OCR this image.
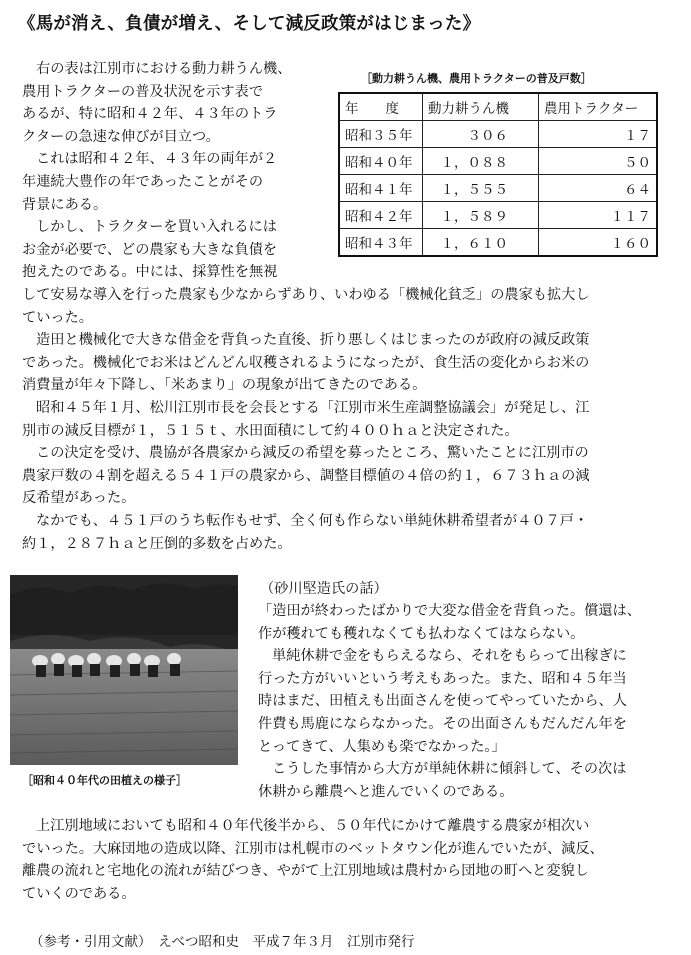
《馬が消え、負債が増え、そして減反政策がはじまった》
右の表は江別市における動力耕うん機、
農用トラクターの普及状況を示す表で
あるが、特に昭和４２年、４３年のトラ
クターの急速な伸びが目立つ。
これは昭和４２年、４３年の両年が２
年連続大豊作の年であったことがその
背景にある。
しかし、トラクターを買い入れるには
お金が必要で、どの農家も大きな負債を
抱えたのである。中には、採算性を無視
［動力耕うん機、農用トラクターの普及戸数］
年　　度	動力耕うん機	農用トラクター
昭和３５年	３０６	１７
昭和４０年	１，０８８	５０
昭和４１年	１，５５５	６４
昭和４２年	１，５８９	１１７
昭和４３年	１，６１０	１６０
して安易な導入を行った農家も少なからずあり、いわゆる「機械化貧乏」の農家も拡大し
ていった。
造田と機械化で大きな借金を背負った直後、折り悪しくはじまったのが政府の減反政策
であった。機械化でお米はどんどん収穫されるようになったが、食生活の変化からお米の
消費量が年々下降し、「米あまり」の現象が出てきたのである。
昭和４５年１月、松川江別市長を会長とする「江別市米生産調整協議会」が発足し、江
別市の減反目標が１，５１５ｔ、水田面積にして約４００ｈａと決定された。
この決定を受け、農協が各農家から減反の希望を募ったところ、驚いたことに江別市の
農家戸数の４割を超える５４１戸の農家から、調整目標値の４倍の約１，６７３ｈａの減
反希望があった。
なかでも、４５１戸のうち転作もせず、全く何も作らない単純休耕希望者が４０７戸・
約１，２８７ｈａと圧倒的多数を占めた。
［昭和４０年代の田植えの様子］
（砂川堅造氏の話）
「造田が終わったばかりで大変な借金を背負った。償還は、
作が穫れても穫れなくても払わなくてはならない。
単純休耕で金をもらえるなら、それをもらって出稼ぎに
行った方がいいという考えもあった。また、昭和４５年当
時はまだ、田植えも出面さんを使ってやっていたから、人
件費も馬鹿にならなかった。その出面さんもだんだん年を
とってきて、人集めも楽でなかった。」
こうした事情から大方が単純休耕に傾斜して、その次は
休耕から離農へと進んでいくのである。
上江別地域においても昭和４０年代後半から、５０年代にかけて離農する農家が相次い
でいった。大麻団地の造成以降、江別市は札幌市のベットタウン化が進んでいたが、減反、
離農の流れと宅地化の流れが結びつき、やがて上江別地域は農村から団地の町へと変貌し
ていくのである。
（参考・引用文献）　えべつ昭和史　平成７年３月　江別市発行
